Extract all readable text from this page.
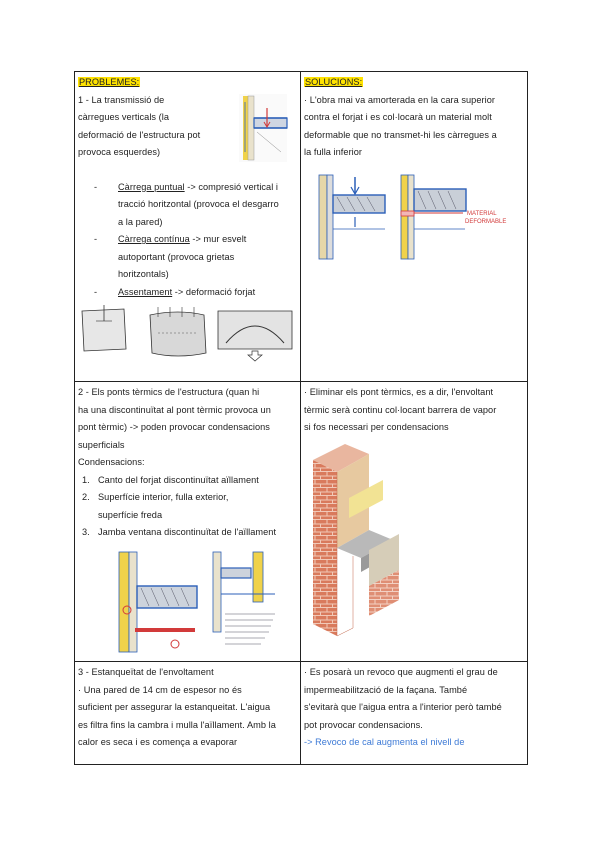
PROBLEMES:
1 - La transmissió de
càrregues verticals (la
deformació de l'estructura pot
provoca esquerdes)
- Càrrega puntual -> compresió vertical i
tracció horitzontal (provoca el desgarro
a la pared)
- Càrrega contínua -> mur esvelt
autoportant (provoca grietas
horitzontals)
- Assentament -> deformació forjat
SOLUCIONS:
· L'obra mai va amorterada en la cara superior
contra el forjat i es col·locarà un material molt
deformable que no transmet-hi les càrregues a
la fulla inferior
MATERIAL
DEFORMABLE
2 - Els ponts tèrmics de l'estructura (quan hi
ha una discontinuïtat al pont tèrmic provoca un
pont tèrmic) -> poden provocar condensacions
superficials
Condensacions:
1. Canto del forjat discontinuïtat aïllament
2. Superfície interior, fulla exterior,
superfície freda
3. Jamba ventana discontinuïtat de l'aïllament
· Eliminar els pont tèrmics, es a dir, l'envoltant
tèrmic serà continu col·locant barrera de vapor
si fos necessari per condensacions
3 - Estanqueïtat de l'envoltament
· Una pared de 14 cm de espesor no és
suficient per assegurar la estanqueitat. L'aigua
es filtra fins la cambra i mulla l'aïllament. Amb la
calor es seca i es comença a evaporar
· Es posarà un revoco que augmenti el grau de
impermeabilització de la façana. També
s'evitarà que l'aigua entra a l'interior però també
pot provocar condensacions.
-> Revoco de cal augmenta el nivell de
